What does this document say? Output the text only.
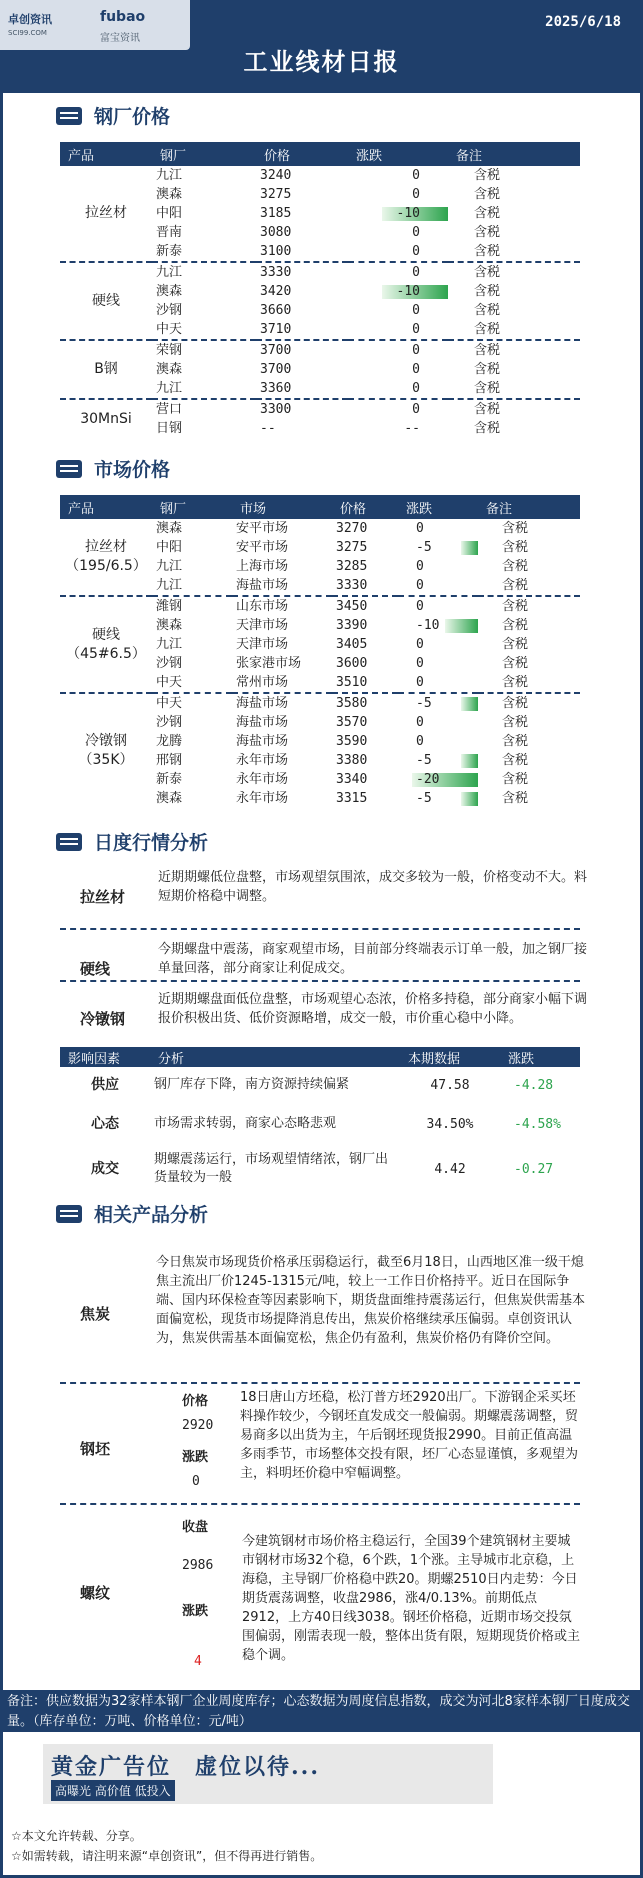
卓创资讯
SCI99.COM
fubao
富宝资讯
2025/6/18
工业线材日报
钢厂价格
产品	钢厂	价格	涨跌	备注
拉丝材	九江	3240	0	含税
	澳森	3275	0	含税
	中阳	3185	-10	含税
	晋南	3080	0	含税
	新泰	3100	0	含税
硬线	九江	3330	0	含税
	澳森	3420	-10	含税
	沙钢	3660	0	含税
	中天	3710	0	含税
B钢	荣钢	3700	0	含税
	澳森	3700	0	含税
	九江	3360	0	含税
30MnSi	营口	3300	0	含税
	日钢	--	--	含税
市场价格
产品	钢厂	市场	价格	涨跌	备注

拉丝材
（195/6.5）	澳森	安平市场	3270	0	含税
	中阳	安平市场	3275	-5	含税
	九江	上海市场	3285	0	含税
	九江	海盐市场	3330	0	含税

硬线
（45#6.5）	潍钢	山东市场	3450	0	含税
	澳森	天津市场	3390	-10	含税
	九江	天津市场	3405	0	含税
	沙钢	张家港市场	3600	0	含税
	中天	常州市场	3510	0	含税

冷镦钢
（35K）	中天	海盐市场	3580	-5	含税
	沙钢	海盐市场	3570	0	含税
	龙腾	海盐市场	3590	0	含税
	邢钢	永年市场	3380	-5	含税
	新泰	永年市场	3340	-20	含税
	澳森	永年市场	3315	-5	含税
日度行情分析
拉丝材
近期期螺低位盘整，市场观望氛围浓，成交多较为一般，价格变动不大。料短期价格稳中调整。
硬线
今期螺盘中震荡，商家观望市场，目前部分终端表示订单一般，加之钢厂接单量回落，部分商家让利促成交。
冷镦钢
近期期螺盘面低位盘整，市场观望心态浓，价格多持稳，部分商家小幅下调报价积极出货、低价资源略增，成交一般，市价重心稳中小降。
影响因素	分析	本期数据	涨跌
供应	钢厂库存下降，南方资源持续偏紧	47.58	-4.28
心态	市场需求转弱，商家心态略悲观	34.50%	-4.58%
成交	期螺震荡运行，市场观望情绪浓，钢厂出货量较为一般	4.42	-0.27
相关产品分析
焦炭
今日焦炭市场现货价格承压弱稳运行，截至6月18日，山西地区准一级干熄焦主流出厂价1245-1315元/吨，较上一工作日价格持平。近日在国际争端、国内环保检查等因素影响下，期货盘面维持震荡运行，但焦炭供需基本面偏宽松，现货市场提降消息传出，焦炭价格继续承压偏弱。卓创资讯认为，焦炭供需基本面偏宽松，焦企仍有盈利，焦炭价格仍有降价空间。
钢坯
价格
2920
涨跌
0
18日唐山方坯稳，松汀普方坯2920出厂。下游钢企采买坯料操作较少，今钢坯直发成交一般偏弱。期螺震荡调整，贸易商多以出货为主，午后钢坯现货报2990。目前正值高温多雨季节，市场整体交投有限，坯厂心态显谨慎，多观望为主，料明坯价稳中窄幅调整。
螺纹
收盘
2986
涨跌
4
今建筑钢材市场价格主稳运行，全国39个建筑钢材主要城市钢材市场32个稳，6个跌，1个涨。主导城市北京稳，上海稳，主导钢厂价格稳中跌20。期螺2510日内走势：今日期货震荡调整，收盘2986，涨4/0.13%。前期低点2912，上方40日线3038。钢坯价格稳，近期市场交投氛围偏弱，刚需表现一般，整体出货有限，短期现货价格或主稳个调。
备注：供应数据为32家样本钢厂企业周度库存；心态数据为周度信息指数，成交为河北8家样本钢厂日度成交量。（库存单位：万吨、价格单位：元/吨）
黄金广告位　虚位以待...
高曝光 高价值 低投入
☆本文允许转载、分享。
☆如需转载，请注明来源“卓创资讯”，但不得再进行销售。
